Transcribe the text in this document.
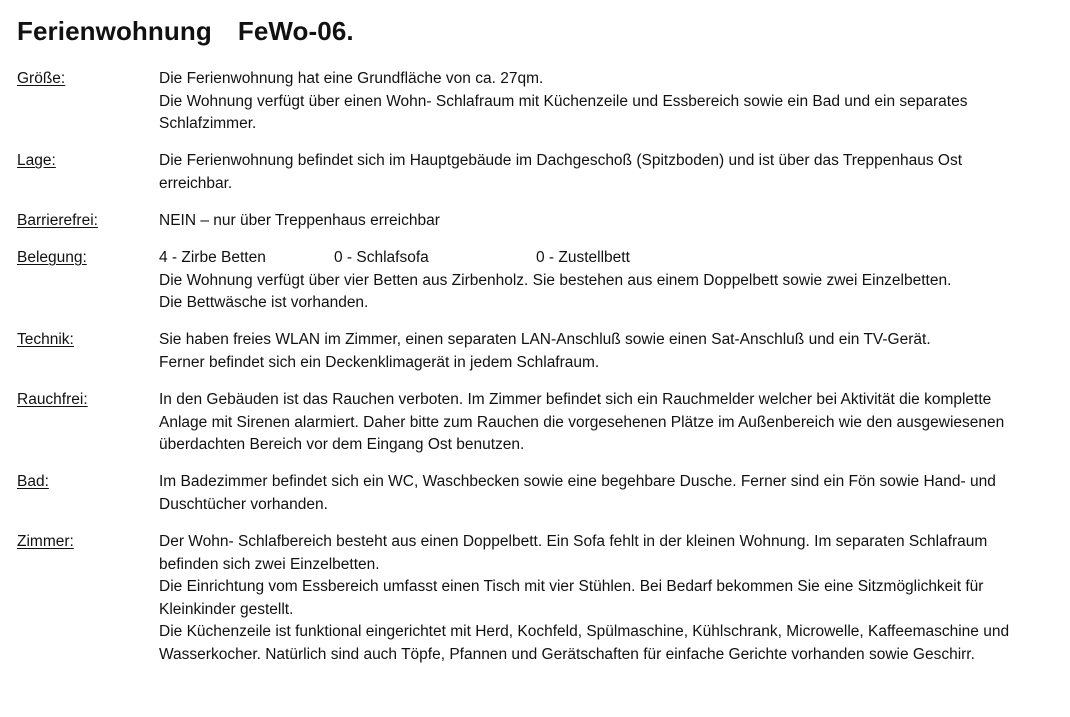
Ferienwohnung FeWo-06.
Größe:	Die Ferienwohnung hat eine Grundfläche von ca. 27qm.

Die Wohnung verfügt über einen Wohn- Schlafraum mit Küchenzeile und Essbereich sowie ein Bad und ein separates Schlafzimmer.

Lage:	Die Ferienwohnung befindet sich im Hauptgebäude im Dachgeschoß (Spitzboden) und ist über das Treppenhaus Ost erreichbar.

Barrierefrei:	NEIN – nur über Treppenhaus erreichbar

Belegung:	4 - Zirbe Betten	0 - Schlafsofa	0 - Zustellbett

Die Wohnung verfügt über vier Betten aus Zirbenholz. Sie bestehen aus einem Doppelbett sowie zwei Einzelbetten.

Die Bettwäsche ist vorhanden.

Technik:	Sie haben freies WLAN im Zimmer, einen separaten LAN-Anschluß sowie einen Sat-Anschluß und ein TV-Gerät.

Ferner befindet sich ein Deckenklimagerät in jedem Schlafraum.

Rauchfrei:	In den Gebäuden ist das Rauchen verboten. Im Zimmer befindet sich ein Rauchmelder welcher bei Aktivität die komplette Anlage mit Sirenen alarmiert. Daher bitte zum Rauchen die vorgesehenen Plätze im Außenbereich wie den ausgewiesenen überdachten Bereich vor dem Eingang Ost benutzen.

Bad:	Im Badezimmer befindet sich ein WC, Waschbecken sowie eine begehbare Dusche. Ferner sind ein Fön sowie Hand- und Duschtücher vorhanden.

Zimmer:	Der Wohn- Schlafbereich besteht aus einen Doppelbett. Ein Sofa fehlt in der kleinen Wohnung. Im separaten Schlafraum befinden sich zwei Einzelbetten.

Die Einrichtung vom Essbereich umfasst einen Tisch mit vier Stühlen. Bei Bedarf bekommen Sie eine Sitzmöglichkeit für Kleinkinder gestellt.

Die Küchenzeile ist funktional eingerichtet mit Herd, Kochfeld, Spülmaschine, Kühlschrank, Microwelle, Kaffeemaschine und Wasserkocher. Natürlich sind auch Töpfe, Pfannen und Gerätschaften für einfache Gerichte vorhanden sowie Geschirr.
